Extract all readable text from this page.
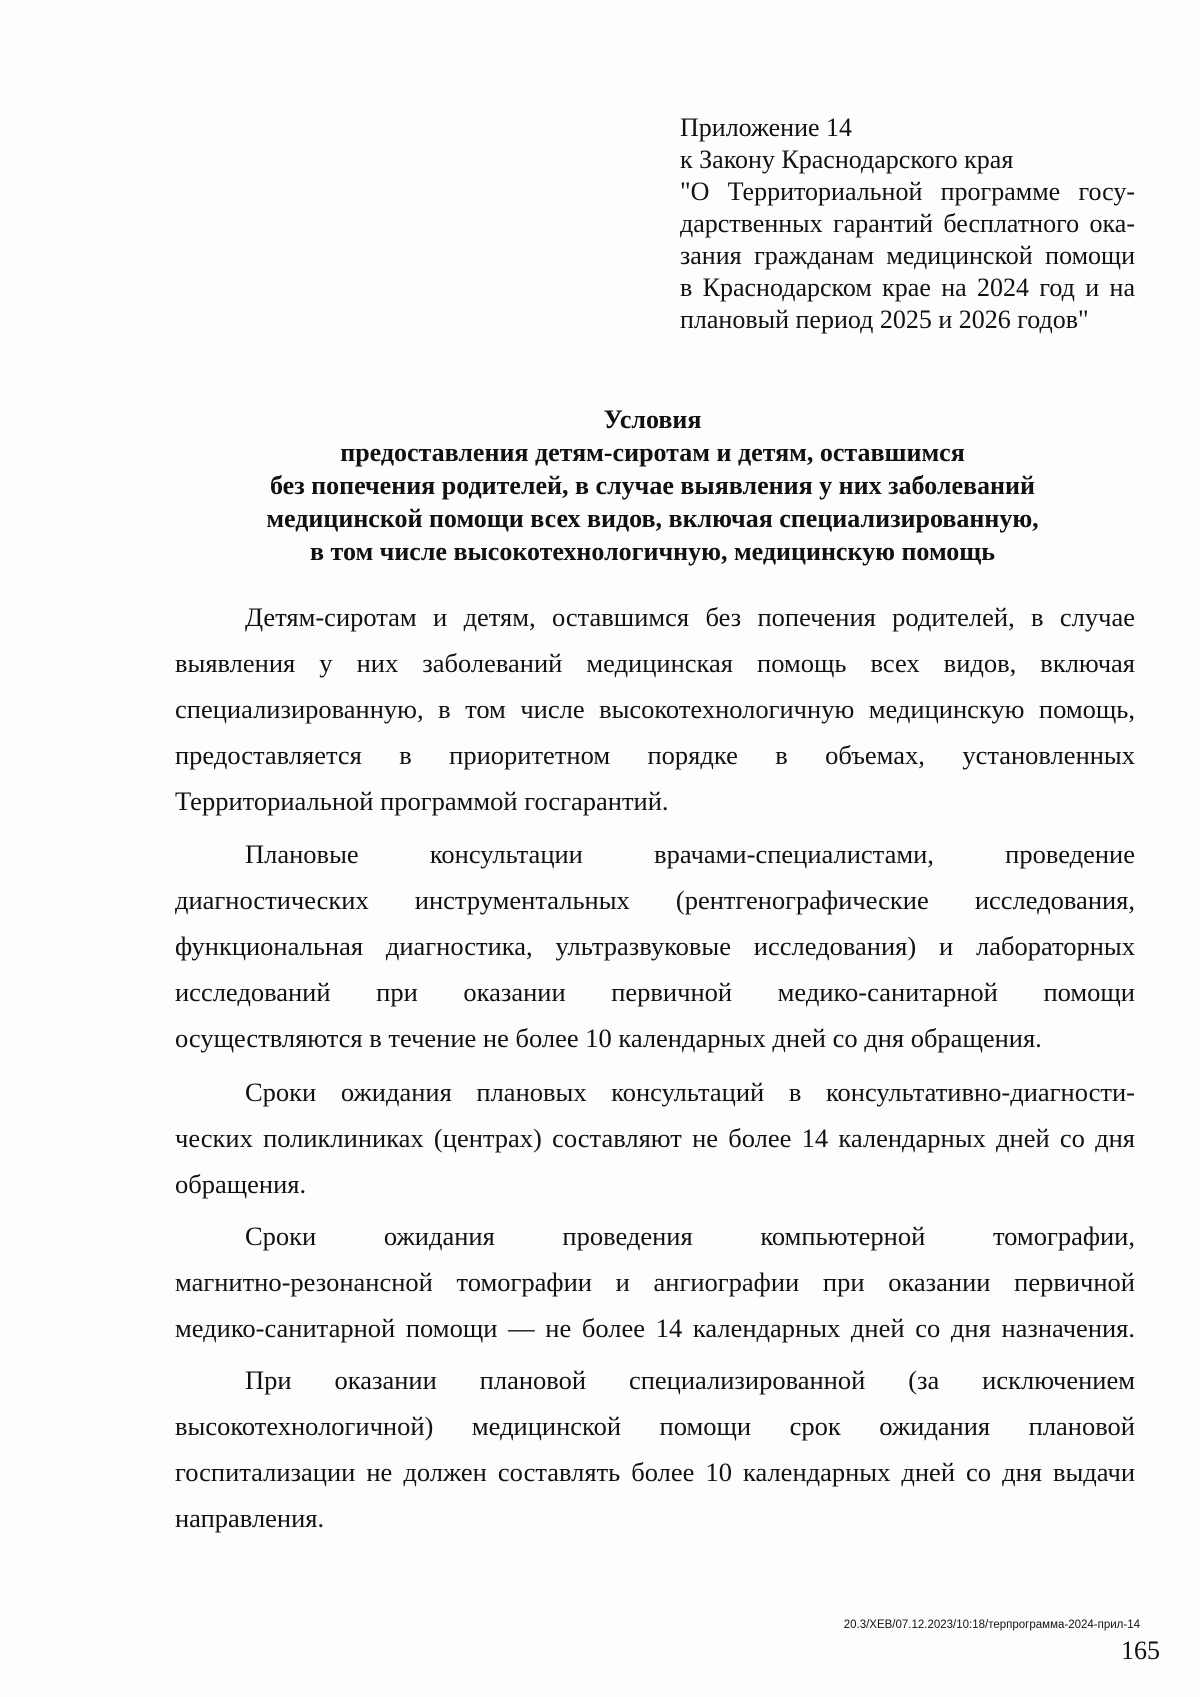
Приложение 14
к Закону Краснодарского края
"О Территориальной программе госу-
дарственных гарантий бесплатного ока-
зания гражданам медицинской помощи
в Краснодарском крае на 2024 год и на
плановый период 2025 и 2026 годов"
Условия
предоставления детям-сиротам и детям, оставшимся
без попечения родителей, в случае выявления у них заболеваний
медицинской помощи всех видов, включая специализированную,
в том числе высокотехнологичную, медицинскую помощь
Детям-сиротам и детям, оставшимся без попечения родителей, в случае
выявления у них заболеваний медицинская помощь всех видов, включая
специализированную, в том числе высокотехнологичную медицинскую помощь,
предоставляется в приоритетном порядке в объемах, установленных
Территориальной программой госгарантий.
Плановые консультации врачами-специалистами, проведение
диагностических инструментальных (рентгенографические исследования,
функциональная диагностика, ультразвуковые исследования) и лабораторных
исследований при оказании первичной медико-санитарной помощи
осуществляются в течение не более 10 календарных дней со дня обращения.
Сроки ожидания плановых консультаций в консультативно-диагности-
ческих поликлиниках (центрах) составляют не более 14 календарных дней со дня
обращения.
Сроки ожидания проведения компьютерной томографии,
магнитно-резонансной томографии и ангиографии при оказании первичной
медико-санитарной помощи — не более 14 календарных дней со дня назначения.
При оказании плановой специализированной (за исключением
высокотехнологичной) медицинской помощи срок ожидания плановой
госпитализации не должен составлять более 10 календарных дней со дня выдачи
направления.
20.3/ХЕВ/07.12.2023/10:18/терпрограмма-2024-прил-14
165
